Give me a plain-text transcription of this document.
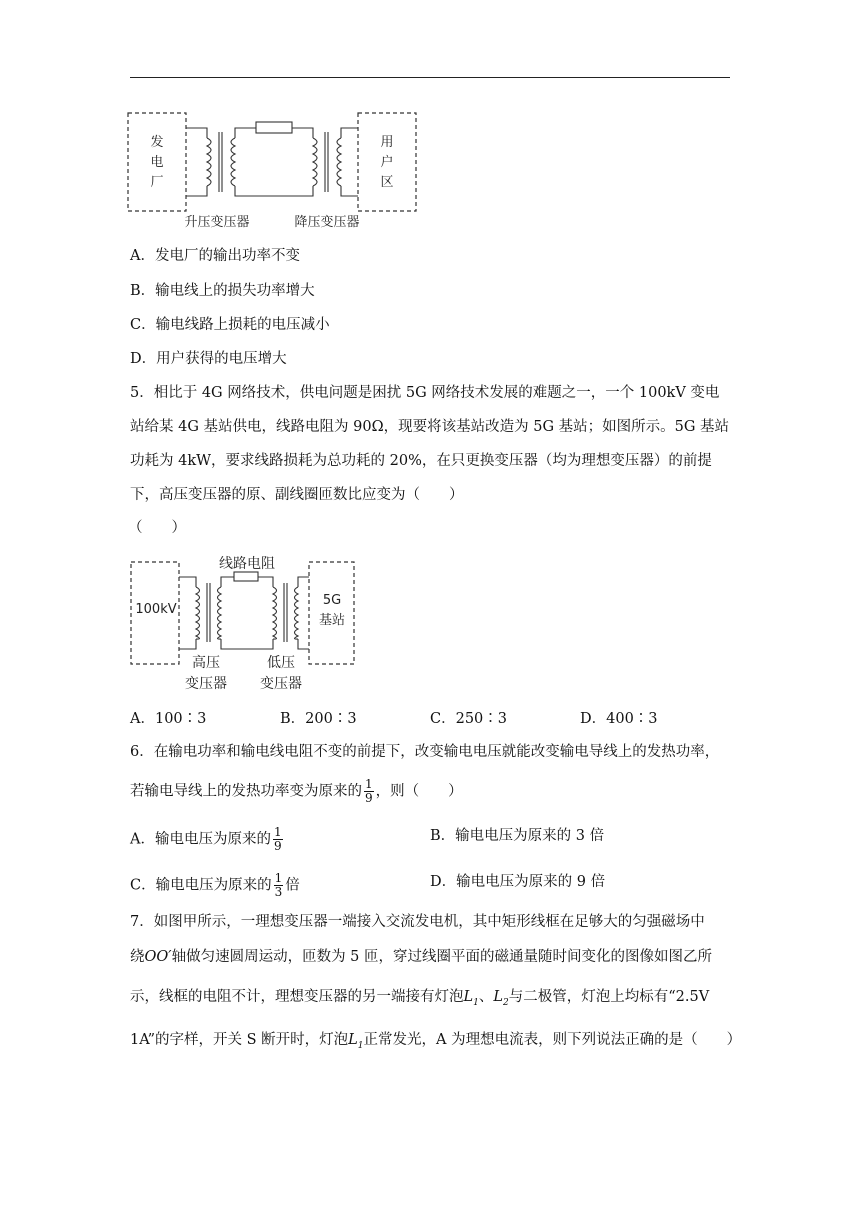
发
电
厂
用
户
区
升压变压器	降压变压器
A．发电厂的输出功率不变
B．输电线上的损失功率增大
C．输电线路上损耗的电压减小
D．用户获得的电压增大
5．相比于 4G 网络技术，供电问题是困扰 5G 网络技术发展的难题之一，一个 100kV 变电
站给某 4G 基站供电，线路电阻为 90Ω，现要将该基站改造为 5G 基站；如图所示。5G 基站
功耗为 4kW，要求线路损耗为总功耗的 20%，在只更换变压器（均为理想变压器）的前提
下，高压变压器的原、副线圈匝数比应变为（　　）
（　　）
线路电阻
100kV
5G
基站
高压
变压器
低压
变压器
A．100∶3	B．200∶3	C．250∶3	D．400∶3
6．在输电功率和输电线电阻不变的前提下，改变输电电压就能改变输电导线上的发热功率，
若输电导线上的发热功率变为原来的 $\frac{1}{9}$ ，则（　　）
A．输电电压为原来的 $\frac{1}{9}$	B．输电电压为原来的 3 倍
C．输电电压为原来的 $\frac{1}{3}$ 倍	D．输电电压为原来的 9 倍
7．如图甲所示，一理想变压器一端接入交流发电机，其中矩形线框在足够大的匀强磁场中
绕OO′轴做匀速圆周运动，匝数为 5 匝，穿过线圈平面的磁通量随时间变化的图像如图乙所
示，线框的电阻不计，理想变压器的另一端接有灯泡$L_1$、$L_2$与二极管，灯泡上均标有“2.5V
1A”的字样，开关 S 断开时，灯泡$L_1$正常发光，A 为理想电流表，则下列说法正确的是（　　）
